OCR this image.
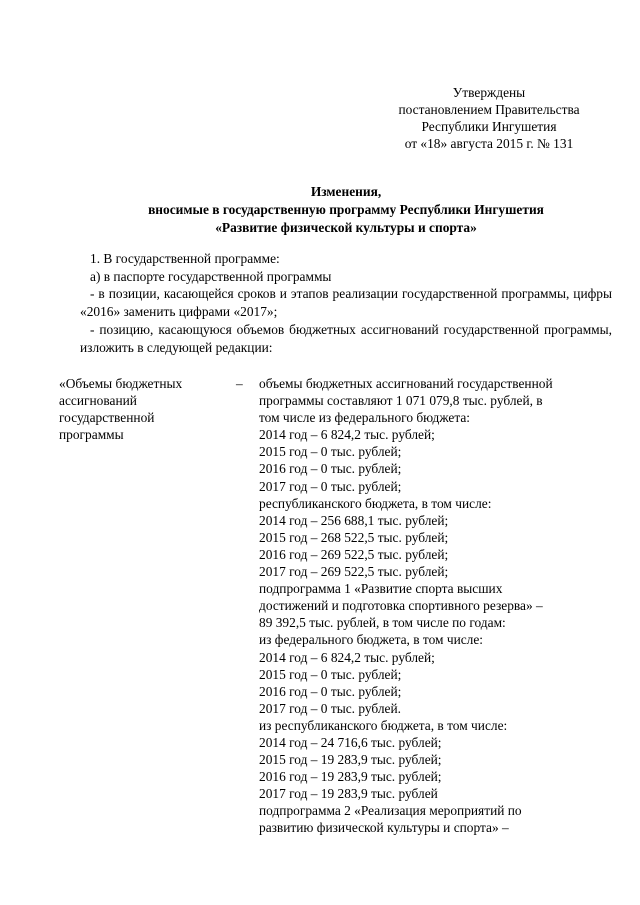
Утверждены
постановлением Правительства
Республики Ингушетия
от «18» августа 2015 г. № 131
Изменения,
вносимые в государственную программу Республики Ингушетия
«Развитие физической культуры и спорта»

1. В государственной программе:

а) в паспорте государственной программы

- в позиции, касающейся сроков и этапов реализации государственной программы, цифры «2016» заменить цифрами «2017»;

- позицию, касающуюся объемов бюджетных ассигнований государственной программы, изложить в следующей редакции:

«Объемы бюджетных
ассигнований
государственной
программы
– объемы бюджетных ассигнований государственной
программы составляют 1 071 079,8 тыс. рублей, в
том числе из федерального бюджета:
2014 год – 6 824,2 тыс. рублей;
2015 год – 0 тыс. рублей;
2016 год – 0 тыс. рублей;
2017 год – 0 тыс. рублей;
республиканского бюджета, в том числе:
2014 год – 256 688,1 тыс. рублей;
2015 год – 268 522,5 тыс. рублей;
2016 год – 269 522,5 тыс. рублей;
2017 год – 269 522,5 тыс. рублей;
подпрограмма 1 «Развитие спорта высших
достижений и подготовка спортивного резерва» –
89 392,5 тыс. рублей, в том числе по годам:
из федерального бюджета, в том числе:
2014 год – 6 824,2 тыс. рублей;
2015 год – 0 тыс. рублей;
2016 год – 0 тыс. рублей;
2017 год – 0 тыс. рублей.
из республиканского бюджета, в том числе:
2014 год – 24 716,6 тыс. рублей;
2015 год – 19 283,9 тыс. рублей;
2016 год – 19 283,9 тыс. рублей;
2017 год – 19 283,9 тыс. рублей
подпрограмма 2 «Реализация мероприятий по
развитию физической культуры и спорта» –
